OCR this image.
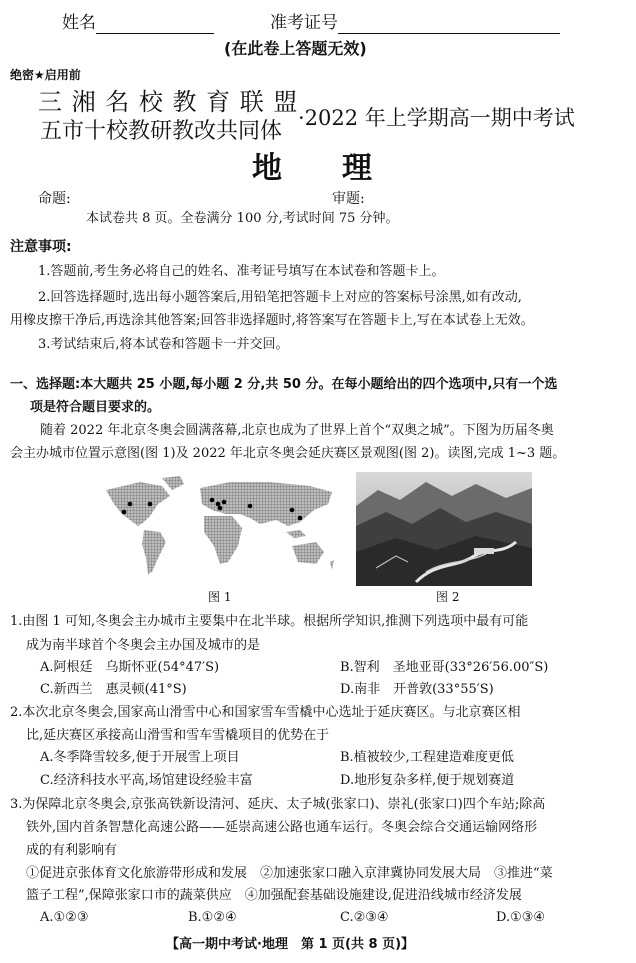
姓名	准考证号
(在此卷上答题无效)
绝密★启用前
三 湘 名 校 教 育 联 盟
五市十校教研教改共同体
·2022 年上学期高一期中考试
地　　理
命题:	审题:
本试卷共 8 页。全卷满分 100 分,考试时间 75 分钟。
注意事项:
1.答题前,考生务必将自己的姓名、准考证号填写在本试卷和答题卡上。
2.回答选择题时,选出每小题答案后,用铅笔把答题卡上对应的答案标号涂黑,如有改动,
用橡皮擦干净后,再选涂其他答案;回答非选择题时,将答案写在答题卡上,写在本试卷上无效。
3.考试结束后,将本试卷和答题卡一并交回。
一、选择题:本大题共 25 小题,每小题 2 分,共 50 分。在每小题给出的四个选项中,只有一个选
项是符合题目要求的。
随着 2022 年北京冬奥会圆满落幕,北京也成为了世界上首个“双奥之城”。下图为历届冬奥
会主办城市位置示意图(图 1)及 2022 年北京冬奥会延庆赛区景观图(图 2)。读图,完成 1~3 题。
图 1	图 2
1.由图 1 可知,冬奥会主办城市主要集中在北半球。根据所学知识,推测下列选项中最有可能
成为南半球首个冬奥会主办国及城市的是
A.阿根廷　乌斯怀亚(54°47′S)	B.智利　圣地亚哥(33°26′56.00″S)
C.新西兰　惠灵顿(41°S)	D.南非　开普敦(33°55′S)
2.本次北京冬奥会,国家高山滑雪中心和国家雪车雪橇中心选址于延庆赛区。与北京赛区相
比,延庆赛区承接高山滑雪和雪车雪橇项目的优势在于
A.冬季降雪较多,便于开展雪上项目	B.植被较少,工程建造难度更低
C.经济科技水平高,场馆建设经验丰富	D.地形复杂多样,便于规划赛道
3.为保障北京冬奥会,京张高铁新设清河、延庆、太子城(张家口)、崇礼(张家口)四个车站;除高
铁外,国内首条智慧化高速公路——延崇高速公路也通车运行。冬奥会综合交通运输网络形
成的有利影响有
①促进京张体育文化旅游带形成和发展　②加速张家口融入京津冀协同发展大局　③推进“菜
篮子工程”,保障张家口市的蔬菜供应　④加强配套基础设施建设,促进沿线城市经济发展
A.①②③	B.①②④	C.②③④	D.①③④
【高一期中考试·地理　第 1 页(共 8 页)】
